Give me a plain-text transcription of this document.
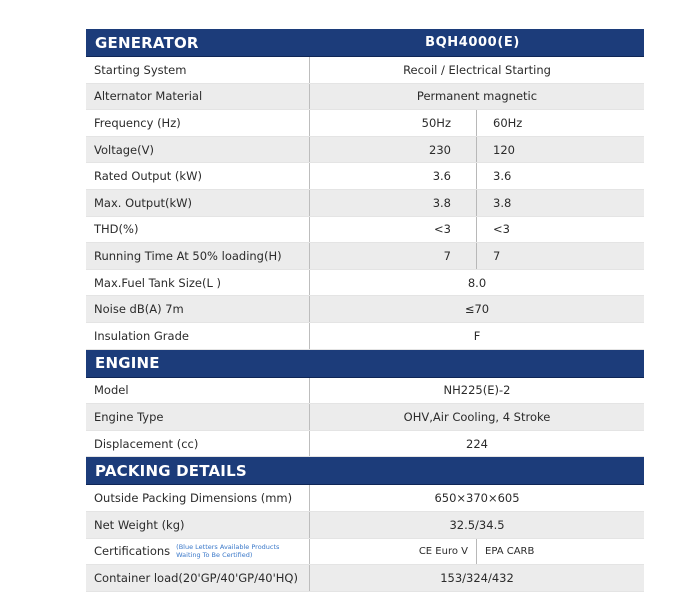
GENERATOR	BQH4000(E)
Starting System	Recoil / Electrical Starting
Alternator Material	Permanent magnetic
Frequency (Hz)	50Hz	60Hz
Voltage(V)	230	120
Rated Output (kW)	3.6	3.6
Max. Output(kW)	3.8	3.8
THD(%)	<3	<3
Running Time At 50% loading(H)	7	7
Max.Fuel Tank Size(L )	8.0
Noise dB(A) 7m	≤70
Insulation Grade	F
ENGINE
Model	NH225(E)-2
Engine Type	OHV,Air Cooling, 4 Stroke
Displacement (cc)	224
PACKING DETAILS
Outside Packing Dimensions (mm)	650×370×605
Net Weight (kg)	32.5/34.5
Certifications (Blue Letters Available Products
Waiting To Be Certified)	CE Euro V	EPA CARB
Container load(20'GP/40'GP/40'HQ)	153/324/432
